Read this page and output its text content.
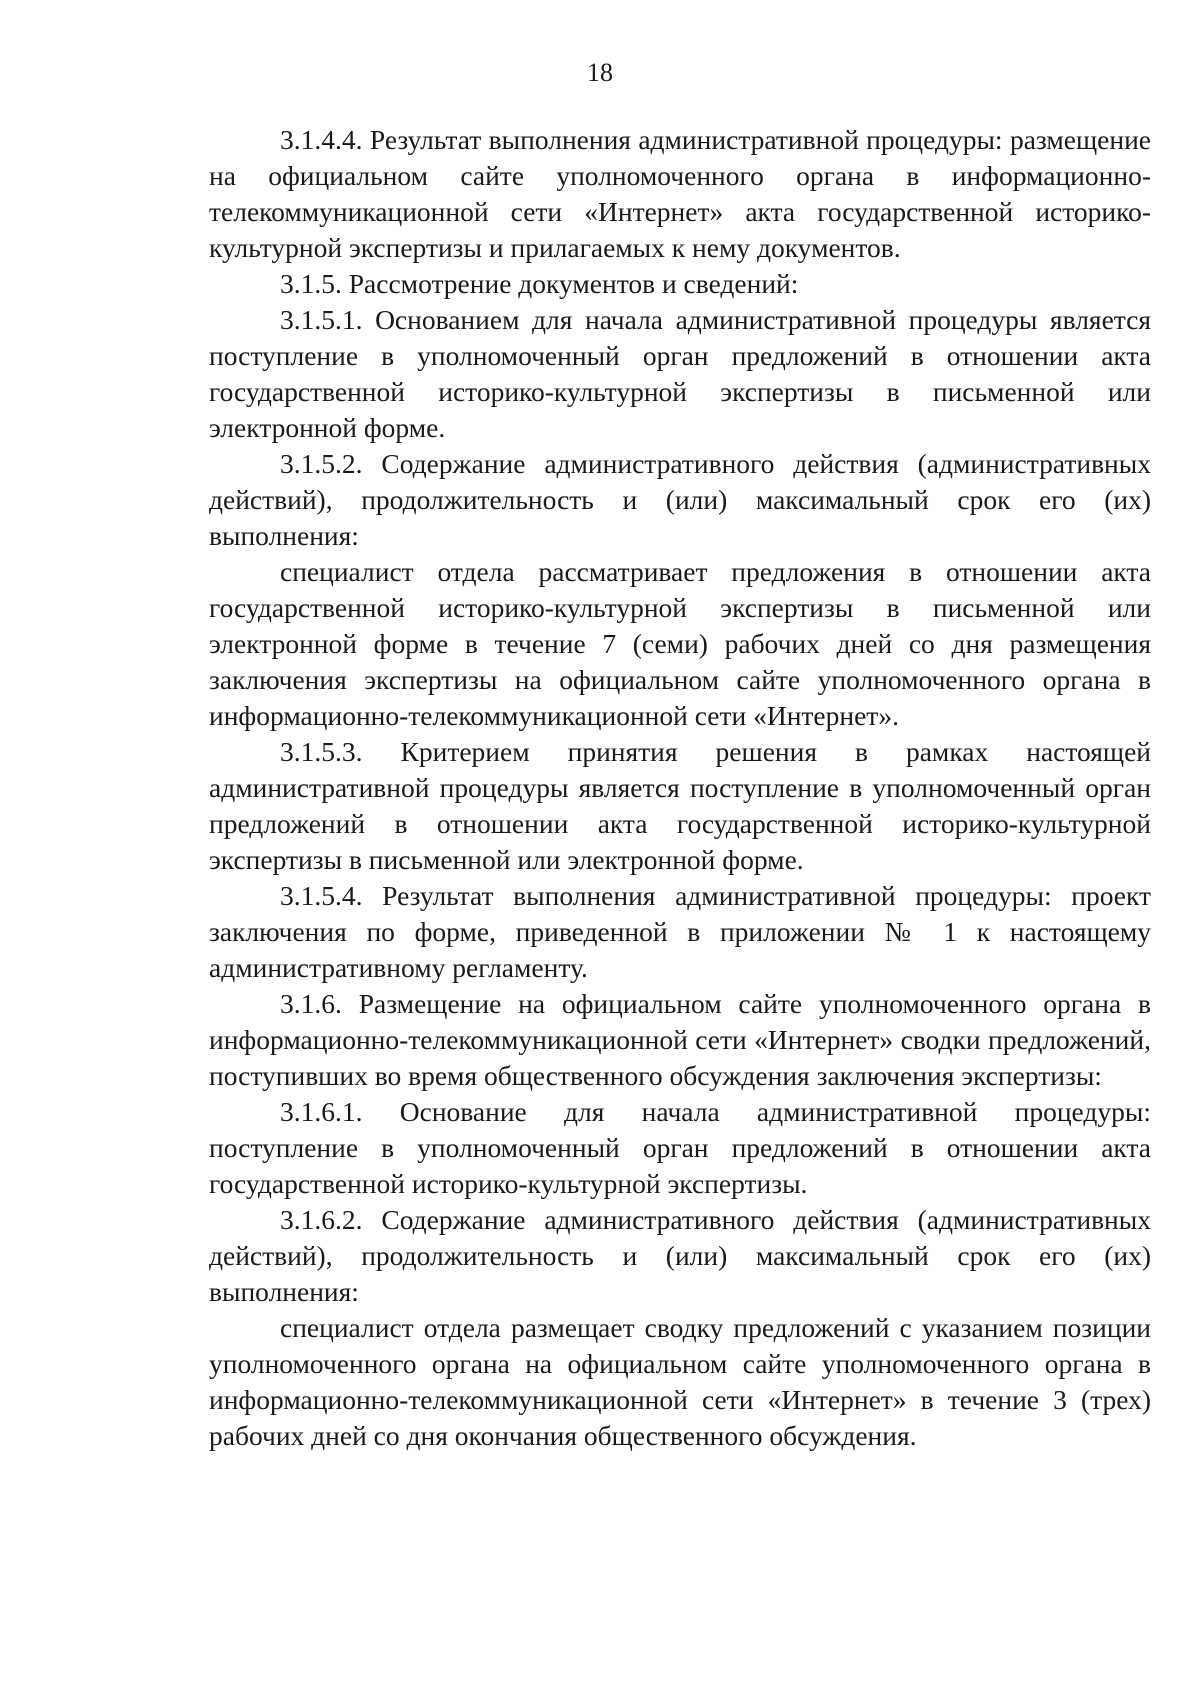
18

3.1.4.4. Результат выполнения административной процедуры: размещение на официальном сайте уполномоченного органа в информационно-телекоммуникационной сети «Интернет» акта государственной историко-культурной экспертизы и прилагаемых к нему документов.

3.1.5. Рассмотрение документов и сведений:

3.1.5.1. Основанием для начала административной процедуры является поступление в уполномоченный орган предложений в отношении акта государственной историко-культурной экспертизы в письменной или электронной форме.

3.1.5.2. Содержание административного действия (административных действий), продолжительность и (или) максимальный срок его (их) выполнения:

специалист отдела рассматривает предложения в отношении акта государственной историко-культурной экспертизы в письменной или электронной форме в течение 7 (семи) рабочих дней со дня размещения заключения экспертизы на официальном сайте уполномоченного органа в информационно-телекоммуникационной сети «Интернет».

3.1.5.3. Критерием принятия решения в рамках настоящей административной процедуры является поступление в уполномоченный орган предложений в отношении акта государственной историко-культурной экспертизы в письменной или электронной форме.

3.1.5.4. Результат выполнения административной процедуры: проект заключения по форме, приведенной в приложении № 1 к настоящему административному регламенту.

3.1.6. Размещение на официальном сайте уполномоченного органа в информационно-телекоммуникационной сети «Интернет» сводки предложений, поступивших во время общественного обсуждения заключения экспертизы:

3.1.6.1. Основание для начала административной процедуры: поступление в уполномоченный орган предложений в отношении акта государственной историко-культурной экспертизы.

3.1.6.2. Содержание административного действия (административных действий), продолжительность и (или) максимальный срок его (их) выполнения:

специалист отдела размещает сводку предложений с указанием позиции уполномоченного органа на официальном сайте уполномоченного органа в информационно-телекоммуникационной сети «Интернет» в течение 3 (трех) рабочих дней со дня окончания общественного обсуждения.
